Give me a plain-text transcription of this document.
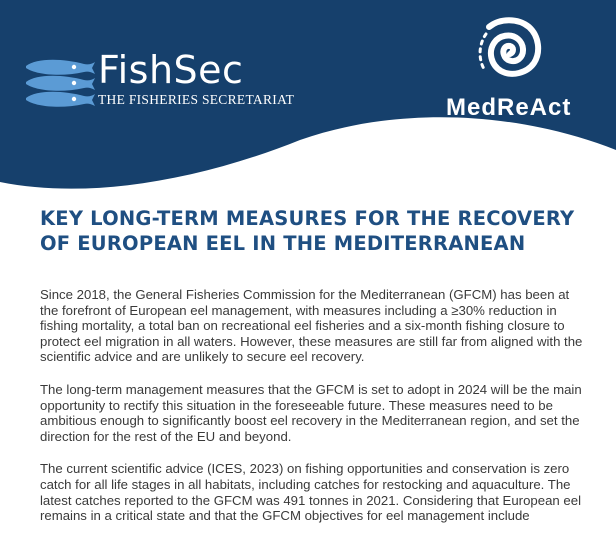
FishSec
THE FISHERIES SECRETARIAT	MedReAct
KEY LONG-TERM MEASURES FOR THE RECOVERY
OF EUROPEAN EEL IN THE MEDITERRANEAN

Since 2018, the General Fisheries Commission for the Mediterranean (GFCM) has been at the forefront of European eel management, with measures including a ≥30% reduction in fishing mortality, a total ban on recreational eel fisheries and a six-month fishing closure to protect eel migration in all waters. However, these measures are still far from aligned with the scientific advice and are unlikely to secure eel recovery.

The long-term management measures that the GFCM is set to adopt in 2024 will be the main opportunity to rectify this situation in the foreseeable future. These measures need to be ambitious enough to significantly boost eel recovery in the Mediterranean region, and set the direction for the rest of the EU and beyond.

The current scientific advice (ICES, 2023) on fishing opportunities and conservation is zero catch for all life stages in all habitats, including catches for restocking and aquaculture. The latest catches reported to the GFCM was 491 tonnes in 2021. Considering that European eel remains in a critical state and that the GFCM objectives for eel management include
